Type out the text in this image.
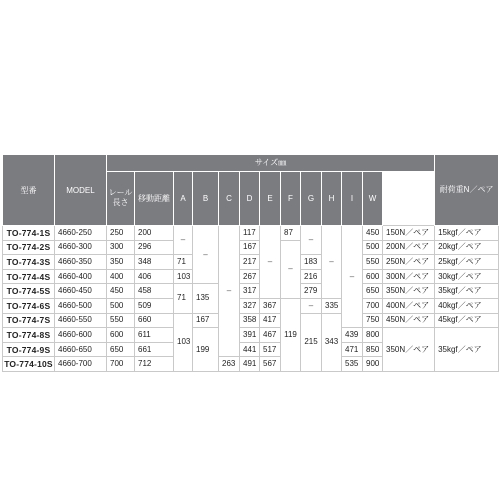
型番	MODEL	サイズ㎜													耐荷重N／ペア	
		レール長さ	移動距離	A	B	C	D	E	F	G	H	I	W			
TO-774-1S	4660-250	250	200	–	–	–	117	–	87	–	–	–	450	150N／ペア	15kgf／ペア	
TO-774-2S	4660-300	300	296				167		–				500	200N／ペア	20kgf／ペア	
TO-774-3S	4660-350	350	348	71			217			183			550	250N／ペア	25kgf／ペア	
TO-774-4S	4660-400	400	406	103			267			216			600	300N／ペア	30kgf／ペア	
TO-774-5S	4660-450	450	458	71	135		317			279			650	350N／ペア	35kgf／ペア	
TO-774-6S	4660-500	500	509				327	367	119	–	335		700	400N／ペア	40kgf／ペア	
TO-774-7S	4660-550	550	660	103	167		358	417		215	343		750	450N／ペア	45kgf／ペア	
TO-774-8S	4660-600	600	611		199		391	467				439	800	350N／ペア	35kgf／ペア	
TO-774-9S	4660-650	650	661				441	517				471	850			
TO-774-10S	4660-700	700	712			263	491	567				535	900			
